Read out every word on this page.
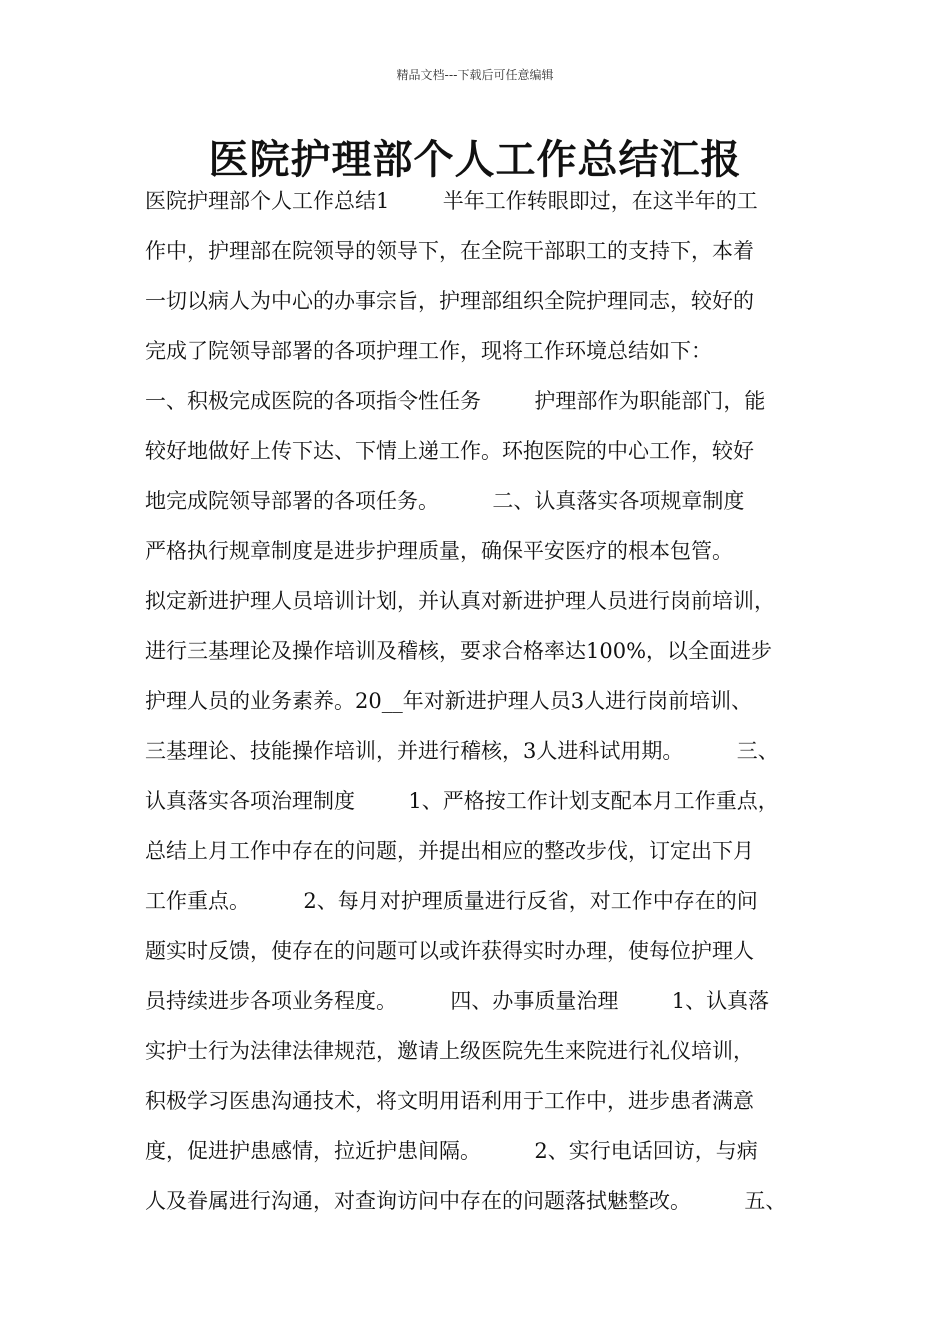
精品文档---下载后可任意编辑
医院护理部个人工作总结汇报
医院护理部个人工作总结1        半年工作转眼即过，在这半年的工
作中，护理部在院领导的领导下，在全院干部职工的支持下，本着
一切以病人为中心的办事宗旨，护理部组织全院护理同志，较好的
完成了院领导部署的各项护理工作，现将工作环境总结如下：
一、积极完成医院的各项指令性任务        护理部作为职能部门，能
较好地做好上传下达、下情上递工作。环抱医院的中心工作，较好
地完成院领导部署的各项任务。        二、认真落实各项规章制度
严格执行规章制度是进步护理质量，确保平安医疗的根本包管。
拟定新进护理人员培训计划，并认真对新进护理人员进行岗前培训，
进行三基理论及操作培训及稽核，要求合格率达100%，以全面进步
护理人员的业务素养。20__年对新进护理人员3人进行岗前培训、
三基理论、技能操作培训，并进行稽核，3人进科试用期。        三、
认真落实各项治理制度        1、严格按工作计划支配本月工作重点，
总结上月工作中存在的问题，并提出相应的整改步伐，订定出下月
工作重点。        2、每月对护理质量进行反省，对工作中存在的问
题实时反馈，使存在的问题可以或许获得实时办理，使每位护理人
员持续进步各项业务程度。        四、办事质量治理        1、认真落
实护士行为法律法律规范，邀请上级医院先生来院进行礼仪培训，
积极学习医患沟通技术，将文明用语利用于工作中，进步患者满意
度，促进护患感情，拉近护患间隔。        2、实行电话回访，与病
人及眷属进行沟通，对查询访问中存在的问题落拭魅整改。        五、
